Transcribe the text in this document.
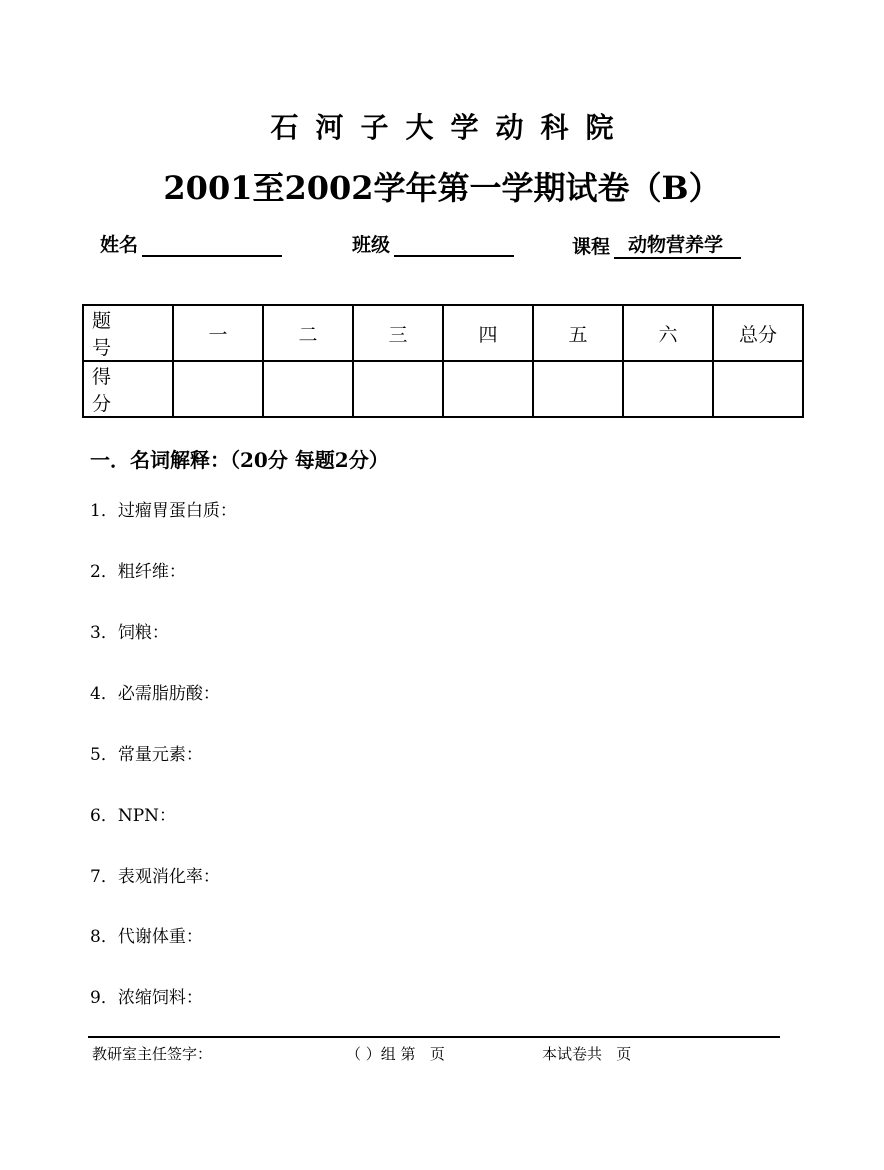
石河子大学动科院
2001至2002学年第一学期试卷（B）
姓名	班级	课程 动物营养学
题 号	一	二	三	四	五	六	总分
得 分							
一．名词解释：（20分 每题2分）
1．过瘤胃蛋白质：
2．粗纤维：
3．饲粮：
4．必需脂肪酸：
5．常量元素：
6．NPN：
7．表观消化率：
8．代谢体重：
9．浓缩饲料：
教研室主任签字：	（ ）组 第   页	本试卷共   页
